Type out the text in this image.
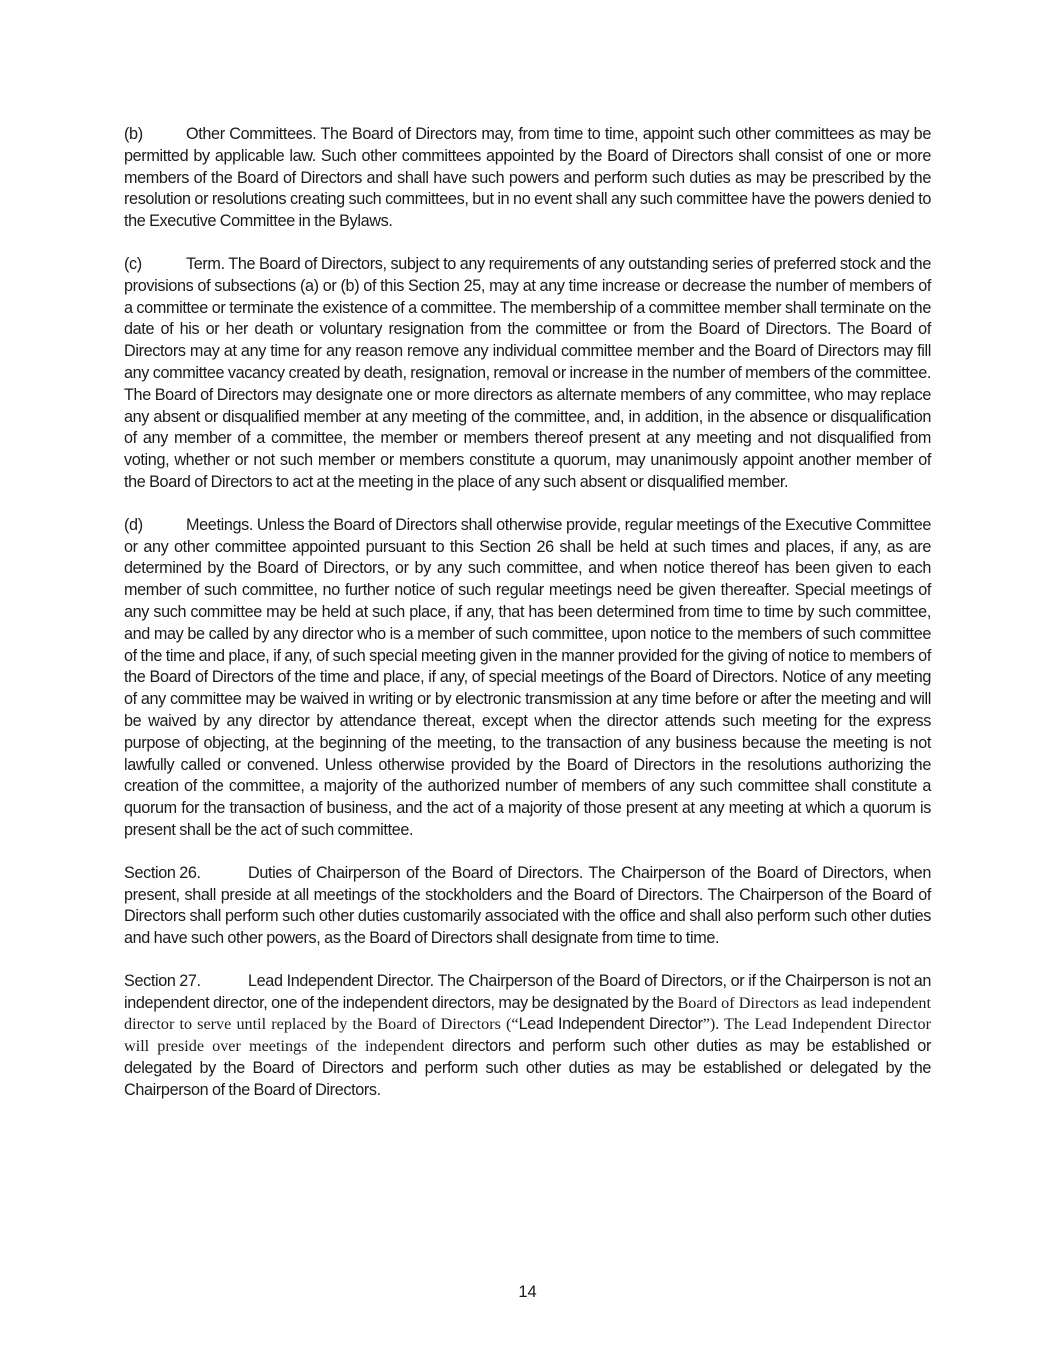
(b)	Other Committees. The Board of Directors may, from time to time, appoint such other committees as may be permitted by applicable law. Such other committees appointed by the Board of Directors shall consist of one or more members of the Board of Directors and shall have such powers and perform such duties as may be prescribed by the resolution or resolutions creating such committees, but in no event shall any such committee have the powers denied to the Executive Committee in the Bylaws.

(c)	Term. The Board of Directors, subject to any requirements of any outstanding series of preferred stock and the provisions of subsections (a) or (b) of this Section 25, may at any time increase or decrease the number of members of a committee or terminate the existence of a committee. The membership of a committee member shall terminate on the date of his or her death or voluntary resignation from the committee or from the Board of Directors. The Board of Directors may at any time for any reason remove any individual committee member and the Board of Directors may fill any committee vacancy created by death, resignation, removal or increase in the number of members of the committee. The Board of Directors may designate one or more directors as alternate members of any committee, who may replace any absent or disqualified member at any meeting of the committee, and, in addition, in the absence or disqualification of any member of a committee, the member or members thereof present at any meeting and not disqualified from voting, whether or not such member or members constitute a quorum, may unanimously appoint another member of the Board of Directors to act at the meeting in the place of any such absent or disqualified member.

(d)	Meetings. Unless the Board of Directors shall otherwise provide, regular meetings of the Executive Committee or any other committee appointed pursuant to this Section 26 shall be held at such times and places, if any, as are determined by the Board of Directors, or by any such committee, and when notice thereof has been given to each member of such committee, no further notice of such regular meetings need be given thereafter. Special meetings of any such committee may be held at such place, if any, that has been determined from time to time by such committee, and may be called by any director who is a member of such committee, upon notice to the members of such committee of the time and place, if any, of such special meeting given in the manner provided for the giving of notice to members of the Board of Directors of the time and place, if any, of special meetings of the Board of Directors. Notice of any meeting of any committee may be waived in writing or by electronic transmission at any time before or after the meeting and will be waived by any director by attendance thereat, except when the director attends such meeting for the express purpose of objecting, at the beginning of the meeting, to the transaction of any business because the meeting is not lawfully called or convened. Unless otherwise provided by the Board of Directors in the resolutions authorizing the creation of the committee, a majority of the authorized number of members of any such committee shall constitute a quorum for the transaction of business, and the act of a majority of those present at any meeting at which a quorum is present shall be the act of such committee.

Section 26.	Duties of Chairperson of the Board of Directors. The Chairperson of the Board of Directors, when present, shall preside at all meetings of the stockholders and the Board of Directors. The Chairperson of the Board of Directors shall perform such other duties customarily associated with the office and shall also perform such other duties and have such other powers, as the Board of Directors shall designate from time to time.

Section 27.	Lead Independent Director. The Chairperson of the Board of Directors, or if the Chairperson is not an independent director, one of the independent directors, may be designated by the Board of Directors as lead independent director to serve until replaced by the Board of Directors (“Lead Independent Director”). The Lead Independent Director will preside over meetings of the independent directors and perform such other duties as may be established or delegated by the Board of Directors and perform such other duties as may be established or delegated by the Chairperson of the Board of Directors.

14
